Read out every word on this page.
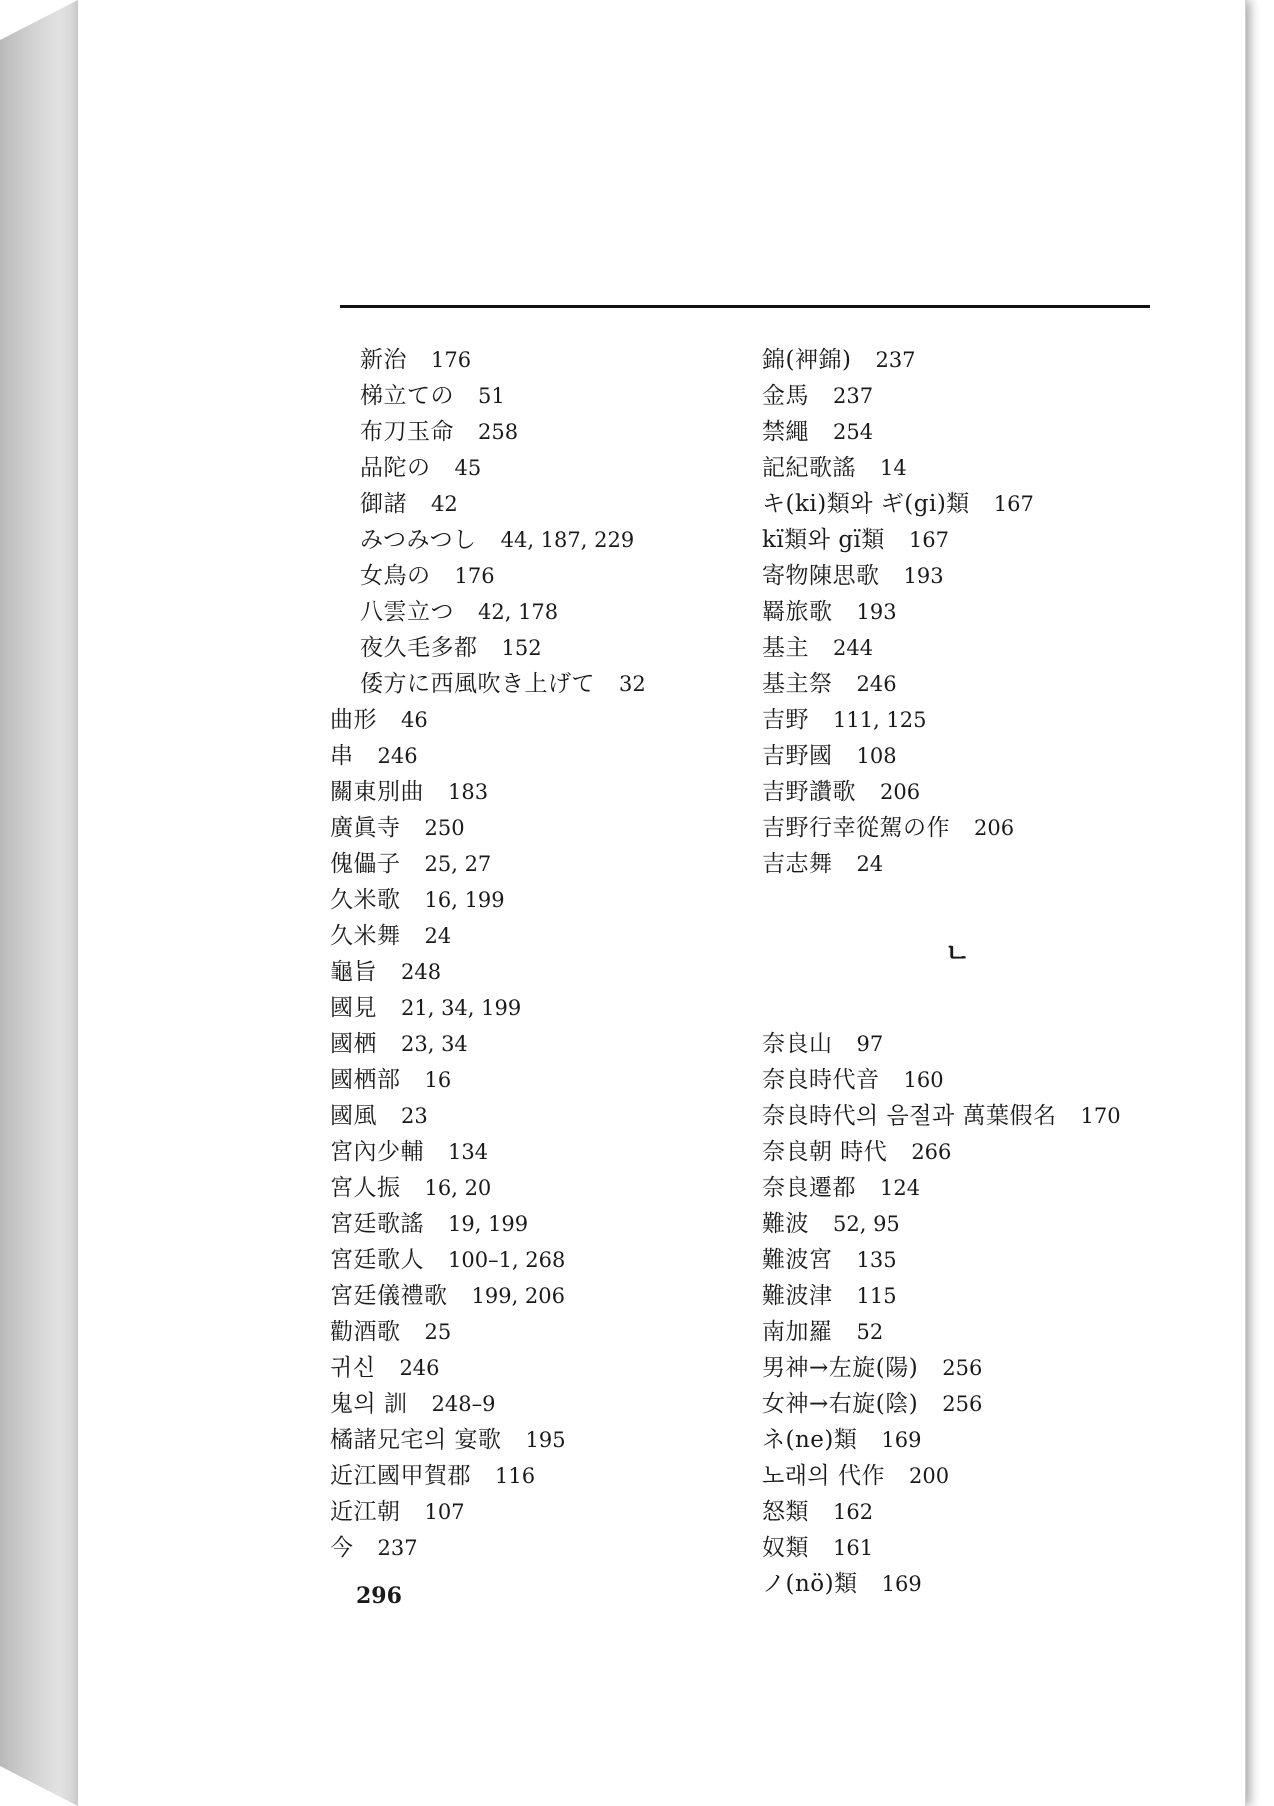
新治 176
梯立ての 51
布刀玉命 258
品陀の 45
御諸 42
みつみつし 44, 187, 229
女鳥の 176
八雲立つ 42, 178
夜久毛多都 152
倭方に西風吹き上げて 32
曲形 46
串 246
關東別曲 183
廣眞寺 250
傀儡子 25, 27
久米歌 16, 199
久米舞 24
龜旨 248
國見 21, 34, 199
國栖 23, 34
國栖部 16
國風 23
宮內少輔 134
宮人振 16, 20
宮廷歌謠 19, 199
宮廷歌人 100–1, 268
宮廷儀禮歌 199, 206
勸酒歌 25
귀신 246
鬼의 訓 248–9
橘諸兄宅의 宴歌 195
近江國甲賀郡 116
近江朝 107
今 237
錦(䘥錦) 237
金馬 237
禁繩 254
記紀歌謠 14
キ(ki)類와 ギ(gi)類 167
kï類와 gï類 167
寄物陳思歌 193
羇旅歌 193
基主 244
基主祭 246
吉野 111, 125
吉野國 108
吉野讚歌 206
吉野行幸從駕の作 206
吉志舞 24
ㄴ
奈良山 97
奈良時代音 160
奈良時代의 음절과 萬葉假名 170
奈良朝 時代 266
奈良遷都 124
難波 52, 95
難波宮 135
難波津 115
南加羅 52
男神→左旋(陽) 256
女神→右旋(陰) 256
ネ(ne)類 169
노래의 代作 200
怒類 162
奴類 161
ノ(nö)類 169
296
